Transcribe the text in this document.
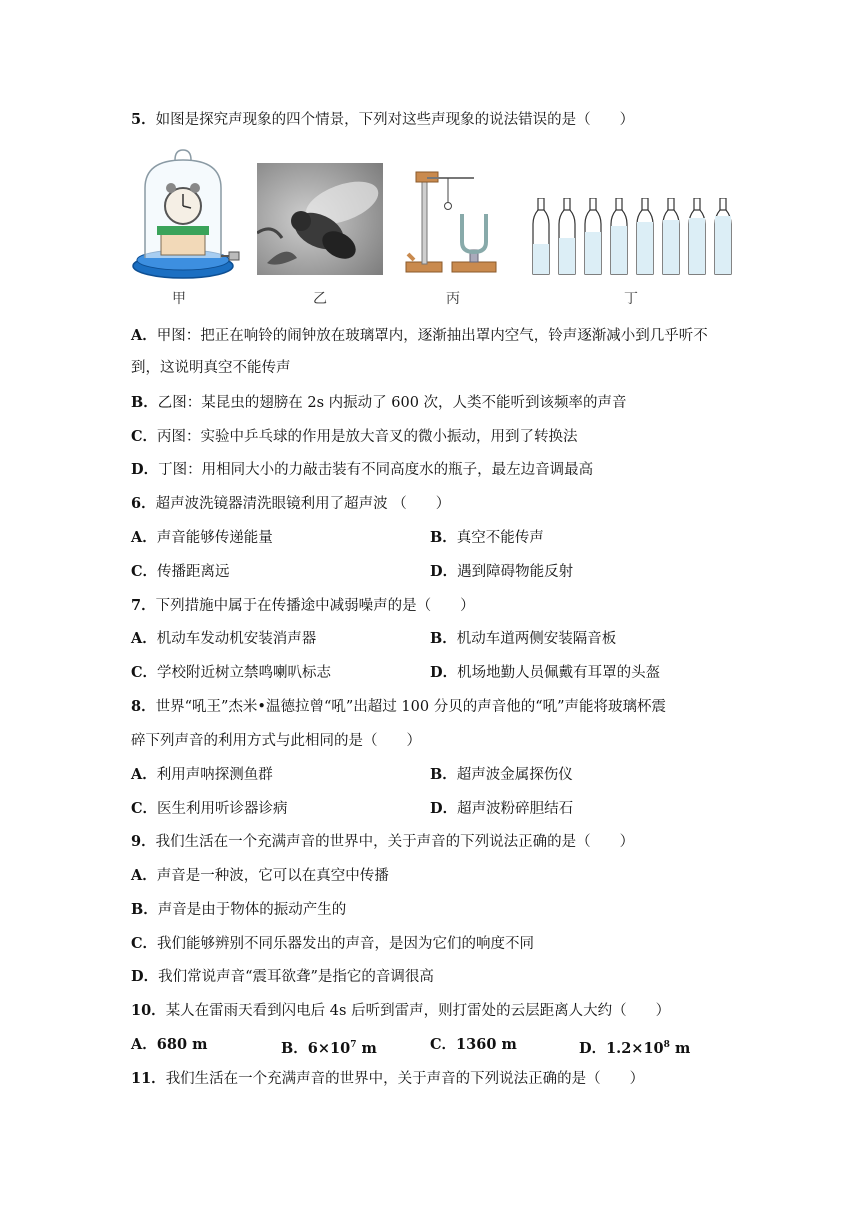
5．如图是探究声现象的四个情景，下列对这些声现象的说法错误的是（　　）
甲	乙	丙	丁
A．甲图：把正在响铃的闹钟放在玻璃罩内，逐渐抽出罩内空气，铃声逐渐减小到几乎听不
到，这说明真空不能传声
B．乙图：某昆虫的翅膀在 2s 内振动了 600 次，人类不能听到该频率的声音
C．丙图：实验中乒乓球的作用是放大音叉的微小振动，用到了转换法
D．丁图：用相同大小的力敲击装有不同高度水的瓶子，最左边音调最高
6．超声波洗镜器清洗眼镜利用了超声波 （　　）
A．声音能够传递能量	B．真空不能传声
C．传播距离远	D．遇到障碍物能反射
7．下列措施中属于在传播途中减弱噪声的是（　　）
A．机动车发动机安装消声器	B．机动车道两侧安装隔音板
C．学校附近树立禁鸣喇叭标志	D．机场地勤人员佩戴有耳罩的头盔
8．世界“吼王”杰米•温德拉曾“吼”出超过 100 分贝的声音他的“吼”声能将玻璃杯震
碎下列声音的利用方式与此相同的是（　　）
A．利用声呐探测鱼群	B．超声波金属探伤仪
C．医生利用听诊器诊病	D．超声波粉碎胆结石
9．我们生活在一个充满声音的世界中，关于声音的下列说法正确的是（　　）
A．声音是一种波，它可以在真空中传播
B．声音是由于物体的振动产生的
C．我们能够辨别不同乐器发出的声音，是因为它们的响度不同
D．我们常说声音“震耳欲聋”是指它的音调很高
10．某人在雷雨天看到闪电后 4s 后听到雷声，则打雷处的云层距离人大约（　　）
A．680 m	B．$6\times 10^7$ m	C．1360 m	D．$1.2\times 10^8$ m
11．我们生活在一个充满声音的世界中，关于声音的下列说法正确的是（　　）
